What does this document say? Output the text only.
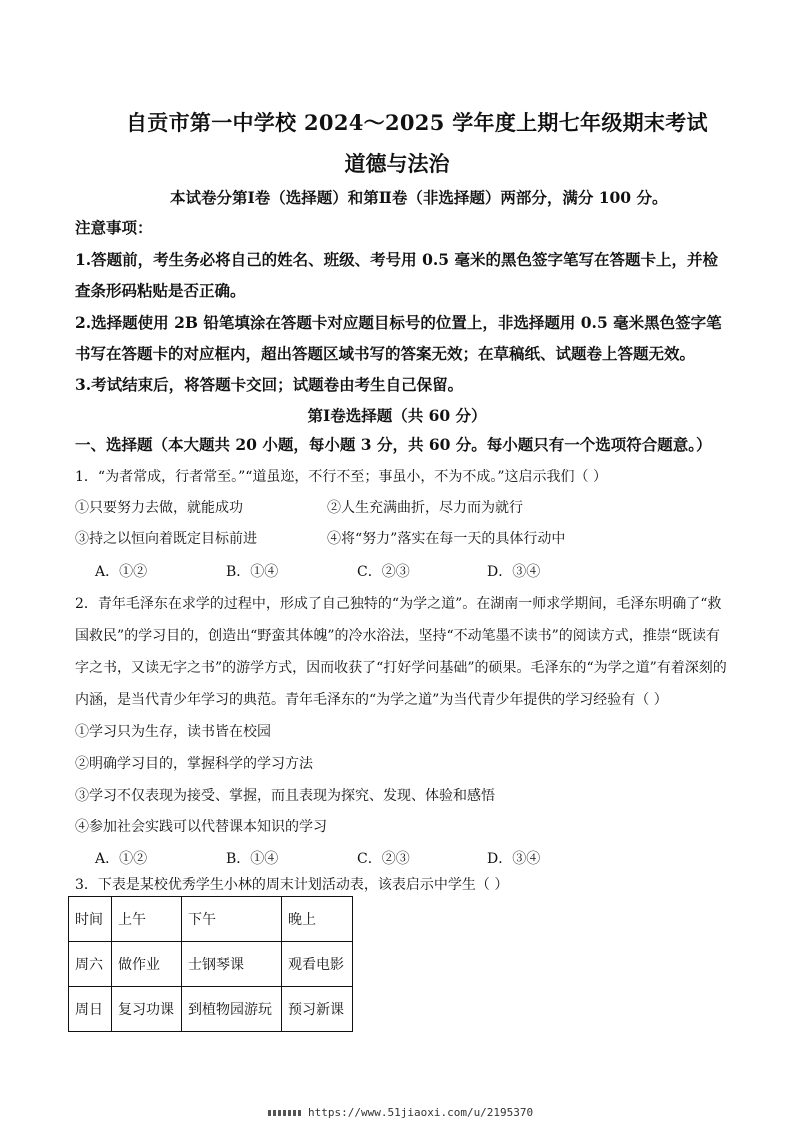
自贡市第一中学校 2024～2025 学年度上期七年级期末考试
道德与法治
本试卷分第Ⅰ卷（选择题）和第Ⅱ卷（非选择题）两部分，满分 100 分。
注意事项：
1.答题前，考生务必将自己的姓名、班级、考号用 0.5 毫米的黑色签字笔写在答题卡上，并检
查条形码粘贴是否正确。
2.选择题使用 2B 铅笔填涂在答题卡对应题目标号的位置上，非选择题用 0.5 毫米黑色签字笔
书写在答题卡的对应框内，超出答题区域书写的答案无效；在草稿纸、试题卷上答题无效。
3.考试结束后，将答题卡交回；试题卷由考生自己保留。
第Ⅰ卷选择题（共 60 分）
一、选择题（本大题共 20 小题，每小题 3 分，共 60 分。每小题只有一个选项符合题意。）
1．“为者常成，行者常至。”“道虽迩，不行不至；事虽小，不为不成。”这启示我们（ ）
①只要努力去做，就能成功	②人生充满曲折，尽力而为就行
③持之以恒向着既定目标前进	④将“努力”落实在每一天的具体行动中
A．①②	B．①④	C．②③	D．③④
2．青年毛泽东在求学的过程中，形成了自己独特的“为学之道”。在湖南一师求学期间，毛泽东明确了“救
国救民”的学习目的，创造出“野蛮其体魄”的冷水浴法，坚持“不动笔墨不读书”的阅读方式，推崇“既读有
字之书，又读无字之书”的游学方式，因而收获了“打好学问基础”的硕果。毛泽东的“为学之道”有着深刻的
内涵，是当代青少年学习的典范。青年毛泽东的“为学之道”为当代青少年提供的学习经验有（ ）
①学习只为生存，读书皆在校园
②明确学习目的，掌握科学的学习方法
③学习不仅表现为接受、掌握，而且表现为探究、发现、体验和感悟
④参加社会实践可以代替课本知识的学习
A．①②	B．①④	C．②③	D．③④
3．下表是某校优秀学生小林的周末计划活动表，该表启示中学生（ ）
时间	上午	下午	晚上
周六	做作业	士钢琴课	观看电影
周日	复习功课	到植物园游玩	预习新课
https://www.51jiaoxi.com/u/2195370
